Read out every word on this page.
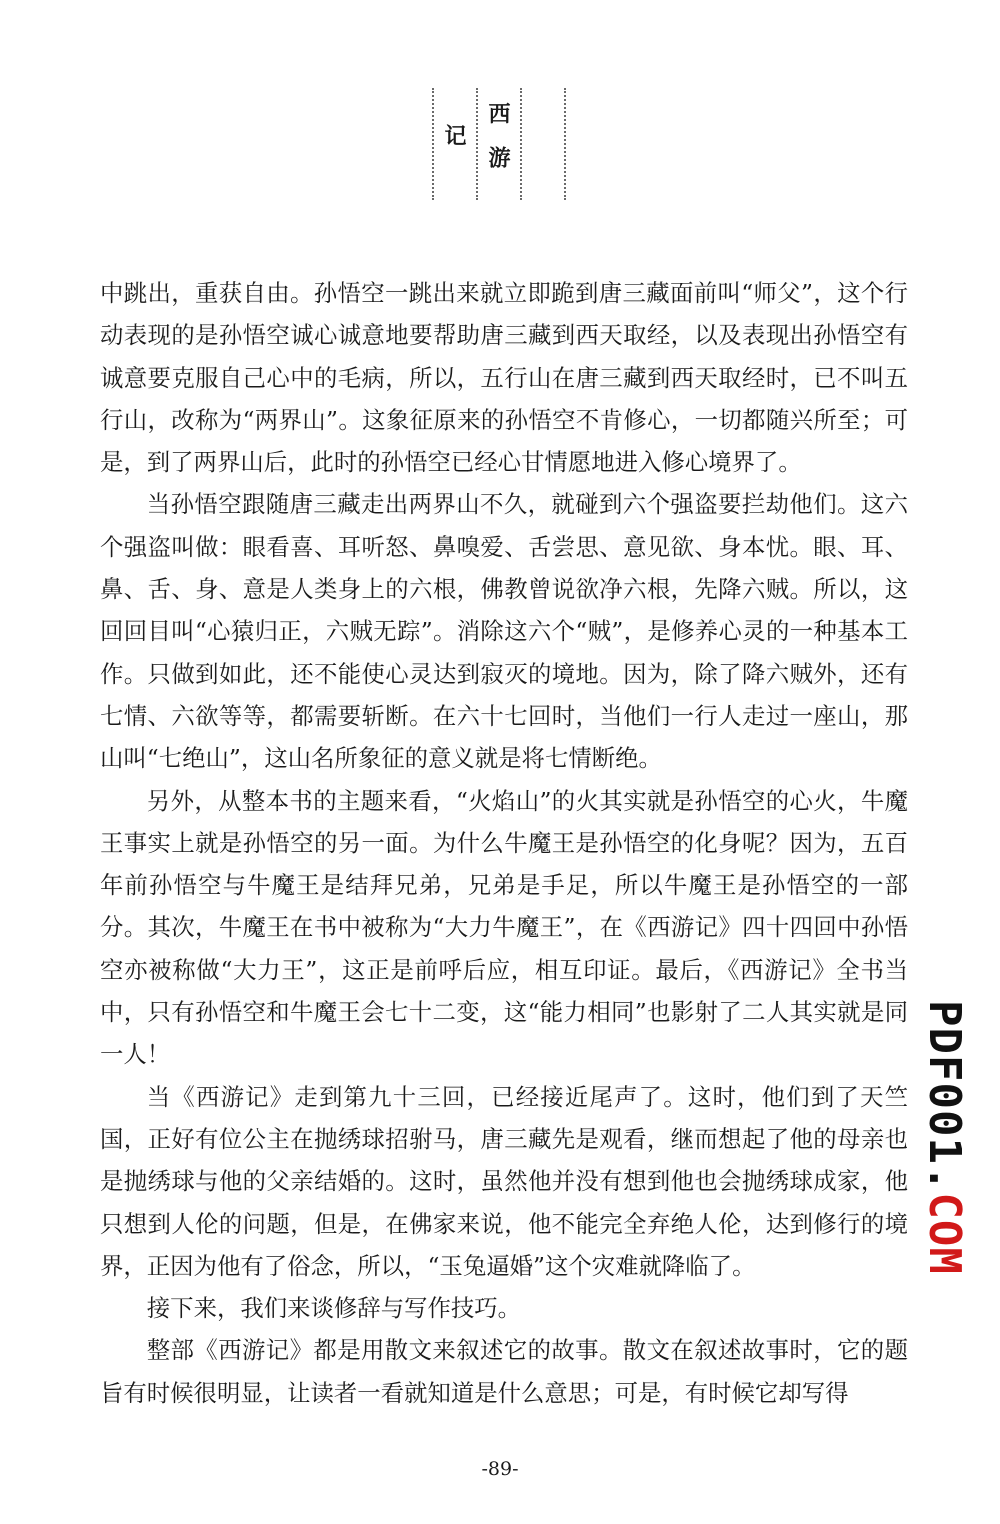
西游记

中跳出，重获自由。孙悟空一跳出来就立即跪到唐三藏面前叫“师父”，这个行动表现的是孙悟空诚心诚意地要帮助唐三藏到西天取经，以及表现出孙悟空有诚意要克服自己心中的毛病，所以，五行山在唐三藏到西天取经时，已不叫五行山，改称为“两界山”。这象征原来的孙悟空不肯修心，一切都随兴所至；可是，到了两界山后，此时的孙悟空已经心甘情愿地进入修心境界了。

当孙悟空跟随唐三藏走出两界山不久，就碰到六个强盗要拦劫他们。这六个强盗叫做：眼看喜、耳听怒、鼻嗅爱、舌尝思、意见欲、身本忧。眼、耳、鼻、舌、身、意是人类身上的六根，佛教曾说欲净六根，先降六贼。所以，这回回目叫“心猿归正，六贼无踪”。消除这六个“贼”，是修养心灵的一种基本工作。只做到如此，还不能使心灵达到寂灭的境地。因为，除了降六贼外，还有七情、六欲等等，都需要斩断。在六十七回时，当他们一行人走过一座山，那山叫“七绝山”，这山名所象征的意义就是将七情断绝。

另外，从整本书的主题来看，“火焰山”的火其实就是孙悟空的心火，牛魔王事实上就是孙悟空的另一面。为什么牛魔王是孙悟空的化身呢？因为，五百年前孙悟空与牛魔王是结拜兄弟，兄弟是手足，所以牛魔王是孙悟空的一部分。其次，牛魔王在书中被称为“大力牛魔王”，在《西游记》四十四回中孙悟空亦被称做“大力王”，这正是前呼后应，相互印证。最后，《西游记》全书当中，只有孙悟空和牛魔王会七十二变，这“能力相同”也影射了二人其实就是同一人！

当《西游记》走到第九十三回，已经接近尾声了。这时，他们到了天竺国，正好有位公主在抛绣球招驸马，唐三藏先是观看，继而想起了他的母亲也是抛绣球与他的父亲结婚的。这时，虽然他并没有想到他也会抛绣球成家，他只想到人伦的问题，但是，在佛家来说，他不能完全弃绝人伦，达到修行的境界，正因为他有了俗念，所以，“玉兔逼婚”这个灾难就降临了。

接下来，我们来谈修辞与写作技巧。

整部《西游记》都是用散文来叙述它的故事。散文在叙述故事时，它的题旨有时候很明显，让读者一看就知道是什么意思；可是，有时候它却写得

-89-
PDF001.COM
